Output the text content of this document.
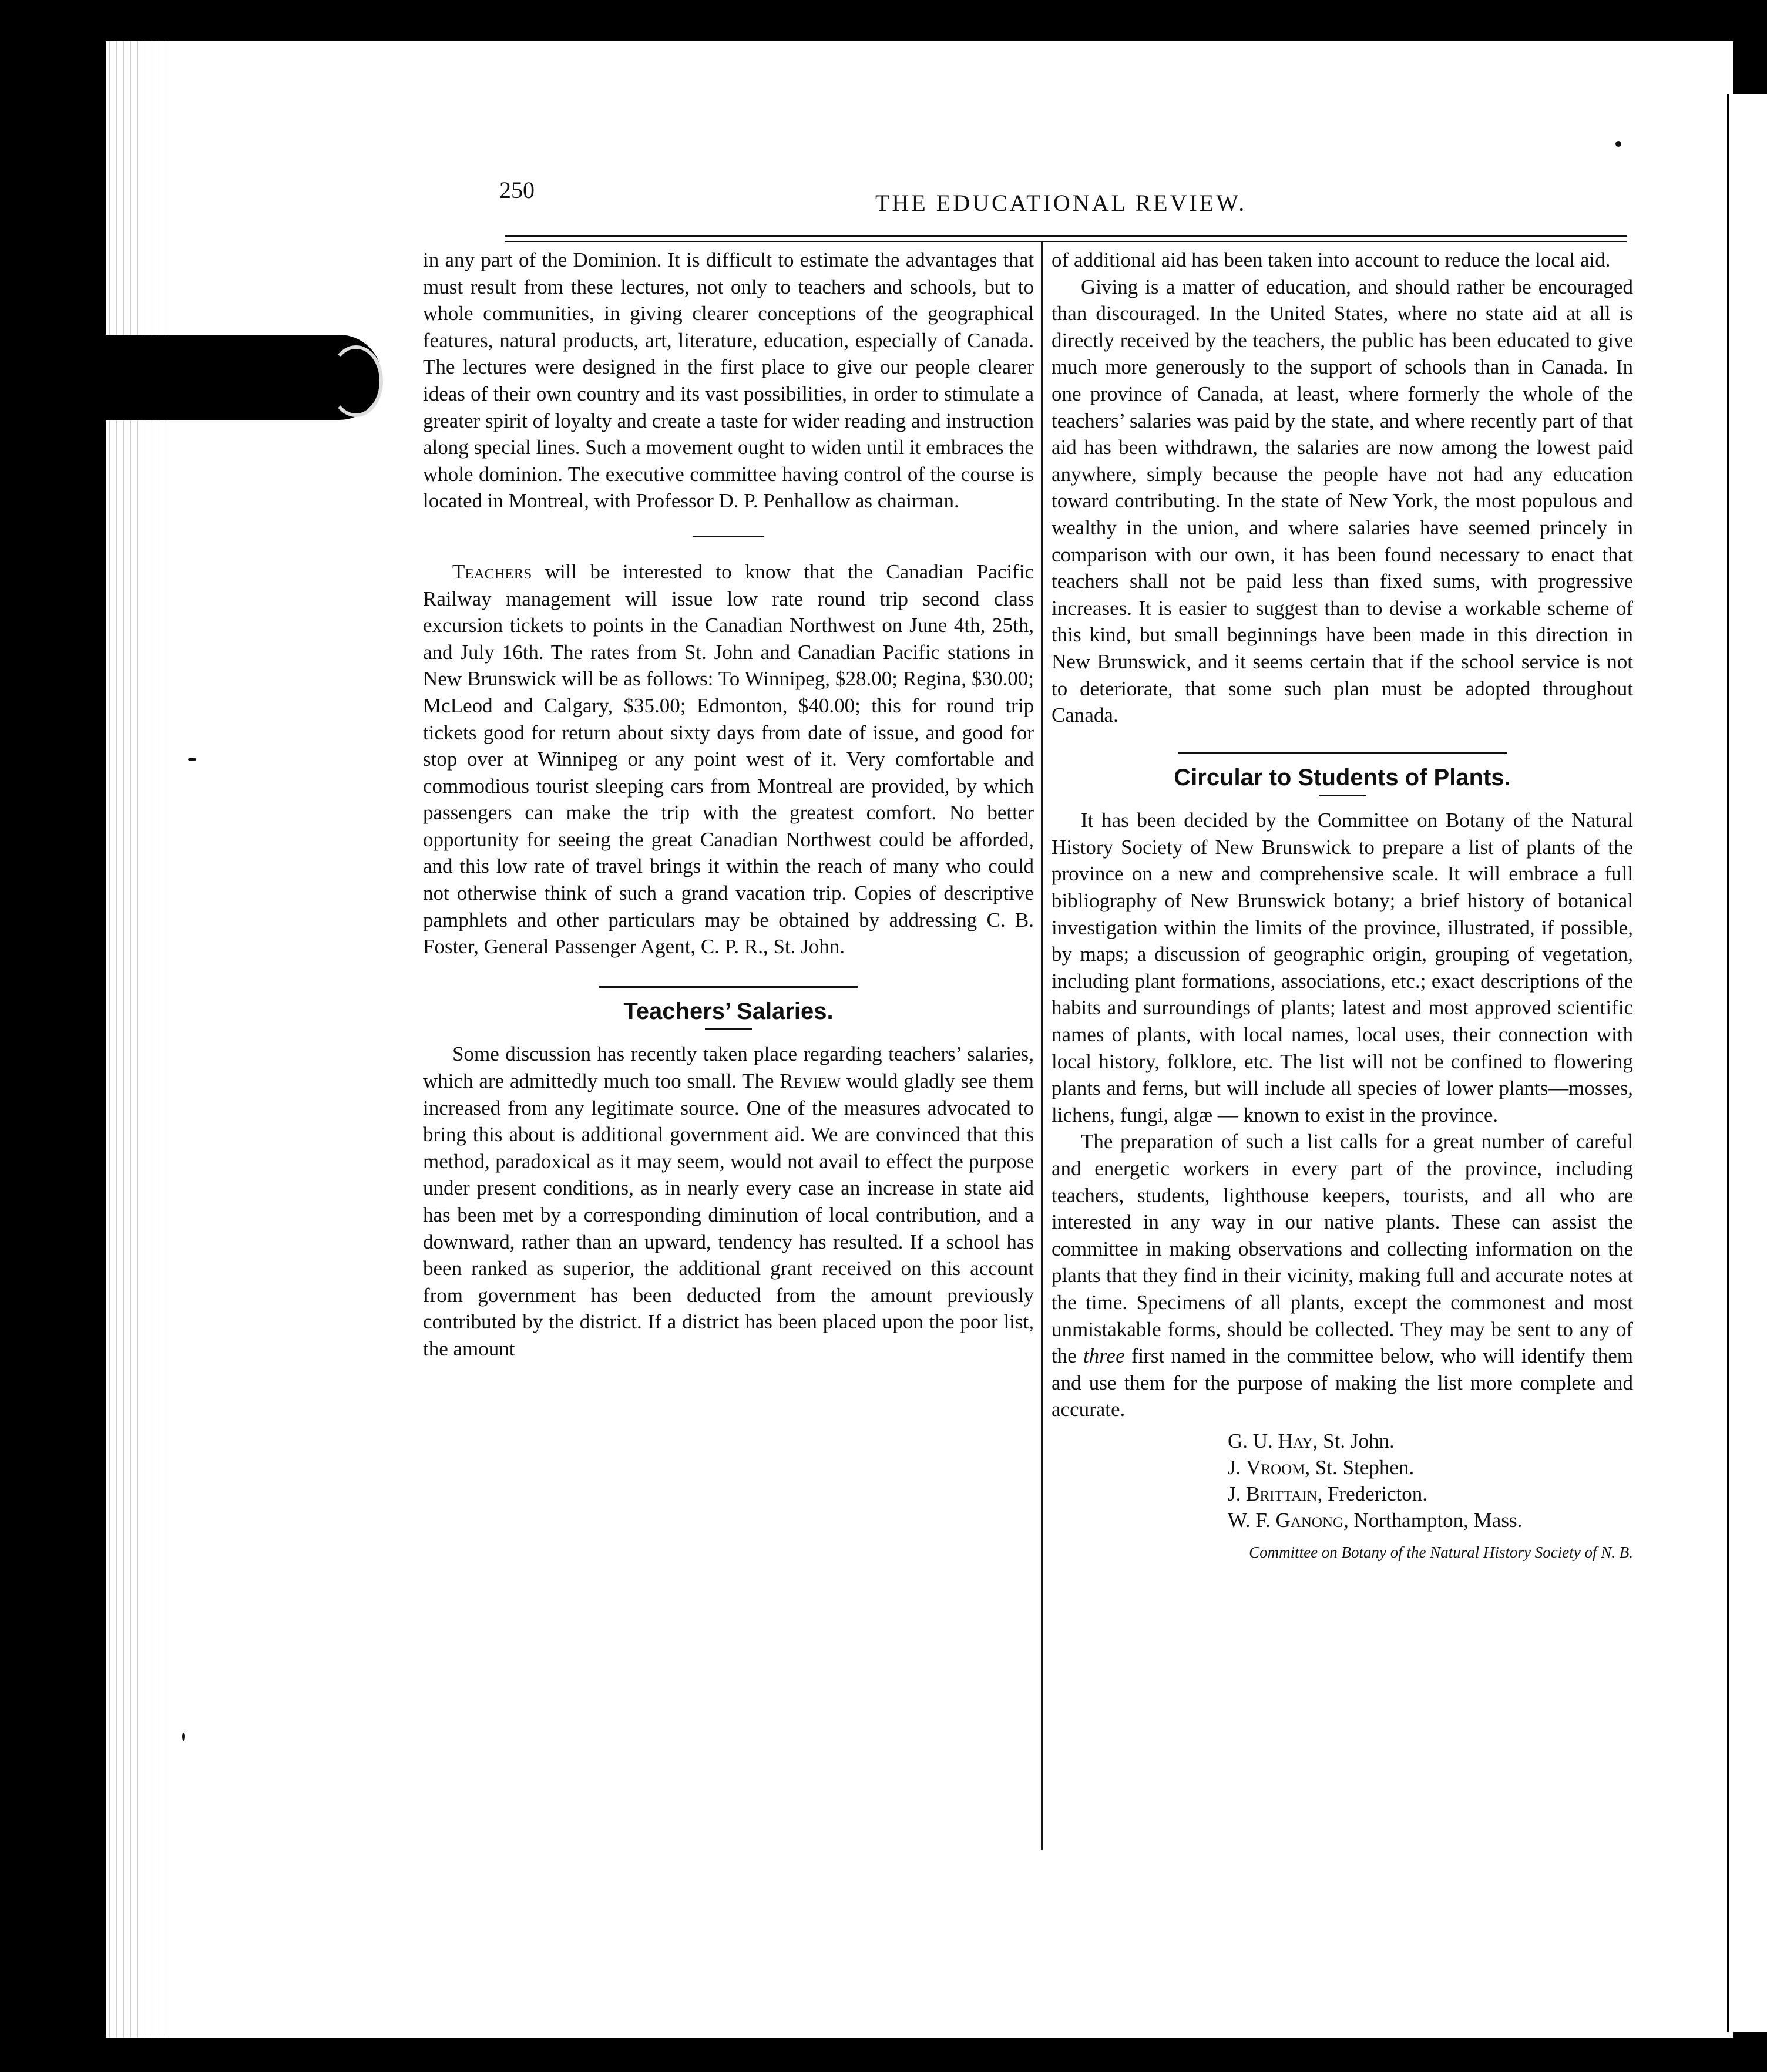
250	THE EDUCATIONAL REVIEW.

in any part of the Dominion. It is difficult to estimate the advantages that must result from these lectures, not only to teachers and schools, but to whole communities, in giving clearer conceptions of the geographical features, natural products, art, literature, education, especially of Canada. The lectures were designed in the first place to give our people clearer ideas of their own country and its vast possibilities, in order to stimulate a greater spirit of loyalty and create a taste for wider reading and instruction along special lines. Such a movement ought to widen until it embraces the whole dominion. The executive committee having control of the course is located in Montreal, with Professor D. P. Penhallow as chairman.

Teachers will be interested to know that the Canadian Pacific Railway management will issue low rate round trip second class excursion tickets to points in the Canadian Northwest on June 4th, 25th, and July 16th. The rates from St. John and Canadian Pacific stations in New Brunswick will be as follows: To Winnipeg, $28.00; Regina, $30.00; McLeod and Calgary, $35.00; Edmonton, $40.00; this for round trip tickets good for return about sixty days from date of issue, and good for stop over at Winnipeg or any point west of it. Very comfortable and commodious tourist sleeping cars from Montreal are provided, by which passengers can make the trip with the greatest comfort. No better opportunity for seeing the great Canadian Northwest could be afforded, and this low rate of travel brings it within the reach of many who could not otherwise think of such a grand vacation trip. Copies of descriptive pamphlets and other particulars may be obtained by addressing C. B. Foster, General Passenger Agent, C. P. R., St. John.

Teachers’ Salaries.

Some discussion has recently taken place regarding teachers’ salaries, which are admittedly much too small. The Review would gladly see them increased from any legitimate source. One of the measures advocated to bring this about is additional government aid. We are convinced that this method, paradoxical as it may seem, would not avail to effect the purpose under present conditions, as in nearly every case an increase in state aid has been met by a corresponding diminution of local contribution, and a downward, rather than an upward, tendency has resulted. If a school has been ranked as superior, the additional grant received on this account from government has been deducted from the amount previously contributed by the district. If a district has been placed upon the poor list, the amount

of additional aid has been taken into account to reduce the local aid.

Giving is a matter of education, and should rather be encouraged than discouraged. In the United States, where no state aid at all is directly received by the teachers, the public has been educated to give much more generously to the support of schools than in Canada. In one province of Canada, at least, where formerly the whole of the teachers’ salaries was paid by the state, and where recently part of that aid has been withdrawn, the salaries are now among the lowest paid anywhere, simply because the people have not had any education toward contributing. In the state of New York, the most populous and wealthy in the union, and where salaries have seemed princely in comparison with our own, it has been found necessary to enact that teachers shall not be paid less than fixed sums, with progressive increases. It is easier to suggest than to devise a workable scheme of this kind, but small beginnings have been made in this direction in New Brunswick, and it seems certain that if the school service is not to deteriorate, that some such plan must be adopted throughout Canada.

Circular to Students of Plants.

It has been decided by the Committee on Botany of the Natural History Society of New Brunswick to prepare a list of plants of the province on a new and comprehensive scale. It will embrace a full bibliography of New Brunswick botany; a brief history of botanical investigation within the limits of the province, illustrated, if possible, by maps; a discussion of geographic origin, grouping of vegetation, including plant formations, associations, etc.; exact descriptions of the habits and surroundings of plants; latest and most approved scientific names of plants, with local names, local uses, their connection with local history, folklore, etc. The list will not be confined to flowering plants and ferns, but will include all species of lower plants—mosses, lichens, fungi, algæ — known to exist in the province.

The preparation of such a list calls for a great number of careful and energetic workers in every part of the province, including teachers, students, lighthouse keepers, tourists, and all who are interested in any way in our native plants. These can assist the committee in making observations and collecting information on the plants that they find in their vicinity, making full and accurate notes at the time. Specimens of all plants, except the commonest and most unmistakable forms, should be collected. They may be sent to any of the three first named in the committee below, who will identify them and use them for the purpose of making the list more complete and accurate.

G. U. Hay, St. John.
J. Vroom, St. Stephen.
J. Brittain, Fredericton.
W. F. Ganong, Northampton, Mass.
Committee on Botany of the Natural History Society of N. B.
